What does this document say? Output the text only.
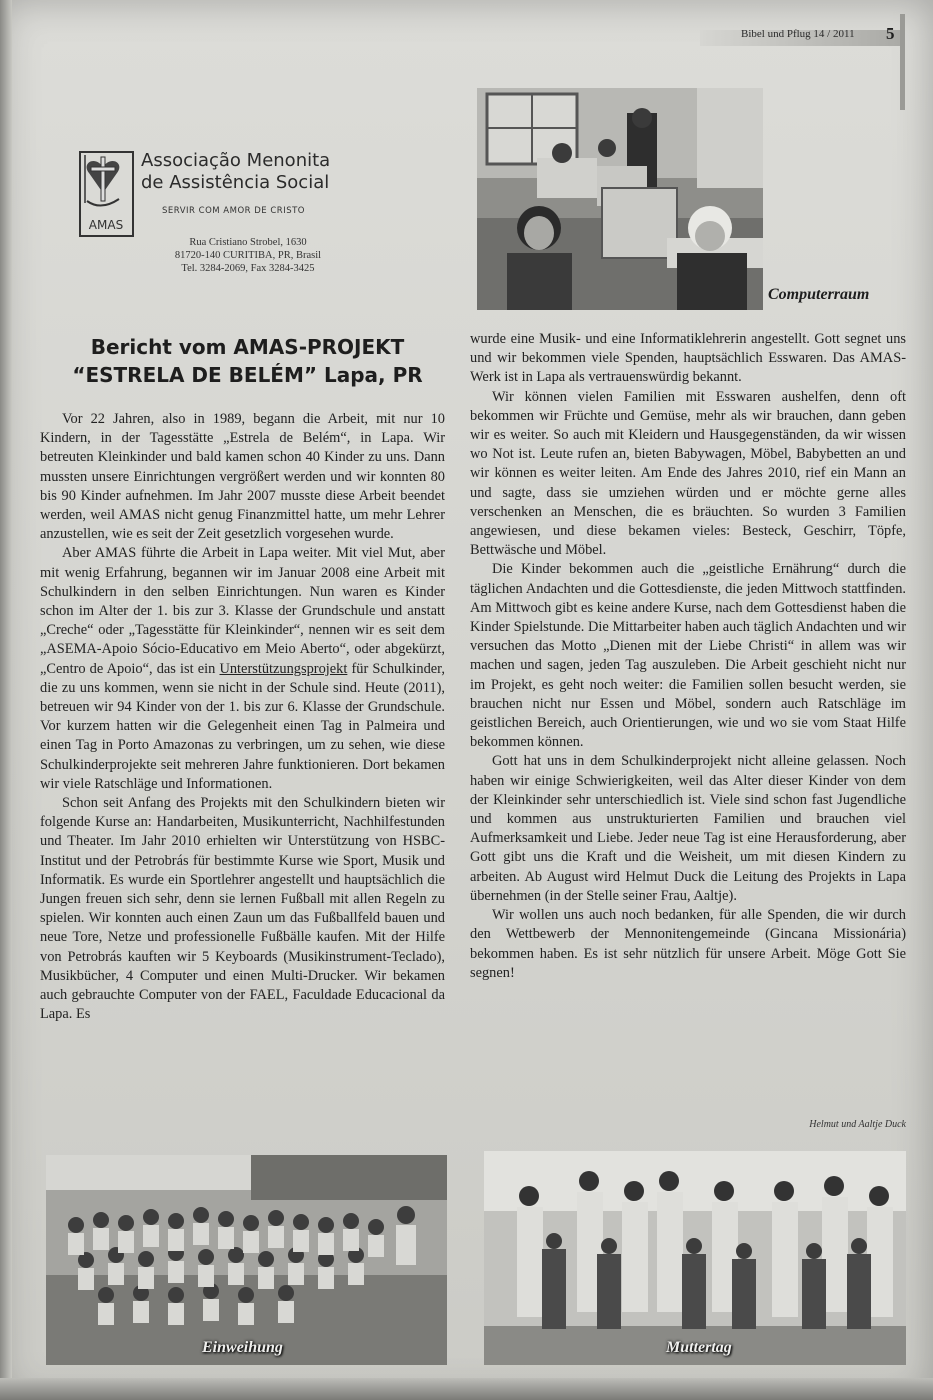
Bibel und Pflug 14 / 2011 5
AMAS
Associação Menonita
de Assistência Social
SERVIR COM AMOR DE CRISTO
Rua Cristiano Strobel, 1630
81720-140 CURITIBA, PR, Brasil
Tel. 3284-2069, Fax 3284-3425
Bericht vom AMAS-PROJEKT
“ESTRELA DE BELÉM” Lapa, PR

Vor 22 Jahren, also in 1989, begann die Arbeit, mit nur 10 Kindern, in der Tagesstätte „Estrela de Belém“, in Lapa. Wir betreuten Kleinkinder und bald kamen schon 40 Kinder zu uns. Dann mussten unsere Einrichtungen vergrößert werden und wir konnten 80 bis 90 Kinder aufnehmen. Im Jahr 2007 musste diese Arbeit beendet werden, weil AMAS nicht genug Finanzmittel hatte, um mehr Lehrer anzustellen, wie es seit der Zeit gesetzlich vorgesehen wurde.

Aber AMAS führte die Arbeit in Lapa weiter. Mit viel Mut, aber mit wenig Erfahrung, begannen wir im Januar 2008 eine Arbeit mit Schulkindern in den selben Einrichtungen. Nun waren es Kinder schon im Alter der 1. bis zur 3. Klasse der Grundschule und anstatt „Creche“ oder „Tagesstätte für Kleinkinder“, nennen wir es seit dem „ASEMA-Apoio Sócio-Educativo em Meio Aberto“, oder abgekürzt, „Centro de Apoio“, das ist ein Unterstützungsprojekt für Schulkinder, die zu uns kommen, wenn sie nicht in der Schule sind. Heute (2011), betreuen wir 94 Kinder von der 1. bis zur 6. Klasse der Grundschule. Vor kurzem hatten wir die Gelegenheit einen Tag in Palmeira und einen Tag in Porto Amazonas zu verbringen, um zu sehen, wie diese Schulkinderprojekte seit mehreren Jahre funktionieren. Dort bekamen wir viele Ratschläge und Informationen.

Schon seit Anfang des Projekts mit den Schulkindern bieten wir folgende Kurse an: Handarbeiten, Musikunterricht, Nachhilfestunden und Theater. Im Jahr 2010 erhielten wir Unterstützung von HSBC-Institut und der Petrobrás für bestimmte Kurse wie Sport, Musik und Informatik. Es wurde ein Sportlehrer angestellt und hauptsächlich die Jungen freuen sich sehr, denn sie lernen Fußball mit allen Regeln zu spielen. Wir konnten auch einen Zaun um das Fußballfeld bauen und neue Tore, Netze und professionelle Fußbälle kaufen. Mit der Hilfe von Petrobrás kauften wir 5 Keyboards (Musikinstrument-Teclado), Musikbücher, 4 Computer und einen Multi-Drucker. Wir bekamen auch gebrauchte Computer von der FAEL, Faculdade Educacional da Lapa. Es

wurde eine Musik- und eine Informatiklehrerin angestellt. Gott segnet uns und wir bekommen viele Spenden, hauptsächlich Esswaren. Das AMAS-Werk ist in Lapa als vertrauenswürdig bekannt.

Wir können vielen Familien mit Esswaren aushelfen, denn oft bekommen wir Früchte und Gemüse, mehr als wir brauchen, dann geben wir es weiter. So auch mit Kleidern und Hausgegenständen, da wir wissen wo Not ist. Leute rufen an, bieten Babywagen, Möbel, Babybetten an und wir können es weiter leiten. Am Ende des Jahres 2010, rief ein Mann an und sagte, dass sie umziehen würden und er möchte gerne alles verschenken an Menschen, die es bräuchten. So wurden 3 Familien angewiesen, und diese bekamen vieles: Besteck, Geschirr, Töpfe, Bettwäsche und Möbel.

Die Kinder bekommen auch die „geistliche Ernährung“ durch die täglichen Andachten und die Gottesdienste, die jeden Mittwoch stattfinden. Am Mittwoch gibt es keine andere Kurse, nach dem Gottesdienst haben die Kinder Spielstunde. Die Mittarbeiter haben auch täglich Andachten und wir versuchen das Motto „Dienen mit der Liebe Christi“ in allem was wir machen und sagen, jeden Tag auszuleben. Die Arbeit geschieht nicht nur im Projekt, es geht noch weiter: die Familien sollen besucht werden, sie brauchen nicht nur Essen und Möbel, sondern auch Ratschläge im geistlichen Bereich, auch Orientierungen, wie und wo sie vom Staat Hilfe bekommen können.

Gott hat uns in dem Schulkinderprojekt nicht alleine gelassen. Noch haben wir einige Schwierigkeiten, weil das Alter dieser Kinder von dem der Kleinkinder sehr unterschiedlich ist. Viele sind schon fast Jugendliche und kommen aus unstrukturierten Familien und brauchen viel Aufmerksamkeit und Liebe. Jeder neue Tag ist eine Herausforderung, aber Gott gibt uns die Kraft und die Weisheit, um mit diesen Kindern zu arbeiten. Ab August wird Helmut Duck die Leitung des Projekts in Lapa übernehmen (in der Stelle seiner Frau, Aaltje).

Wir wollen uns auch noch bedanken, für alle Spenden, die wir durch den Wettbewerb der Mennonitengemeinde (Gincana Missionária) bekommen haben. Es ist sehr nützlich für unsere Arbeit. Möge Gott Sie segnen!

Helmut und Aaltje Duck
Computerraum
Einweihung	Muttertag
